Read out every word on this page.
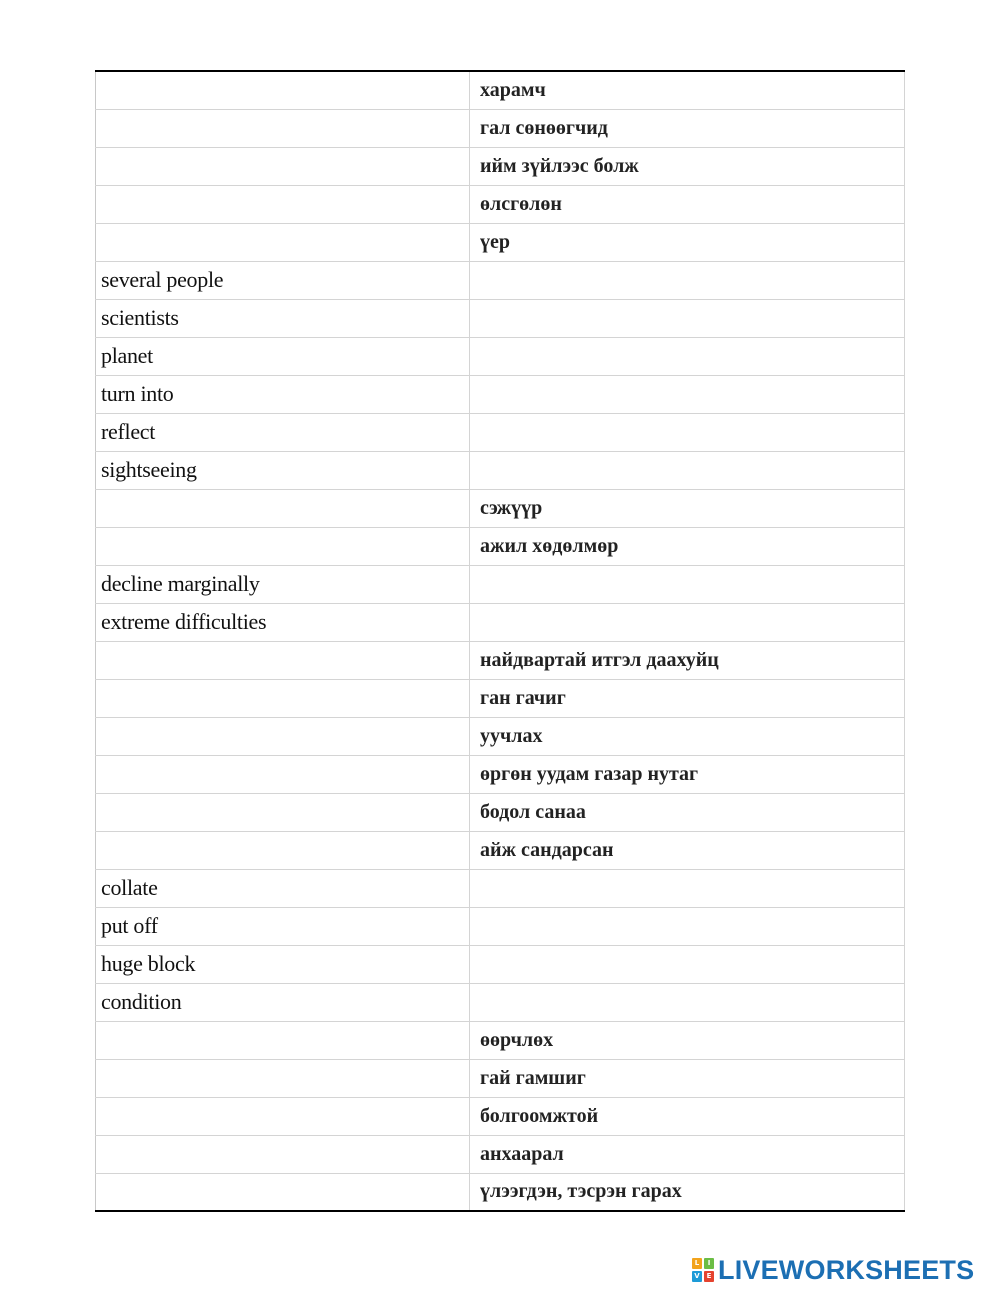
	харамч
	гал сөнөөгчид
	ийм зүйлээс болж
	өлсгөлөн
	үер
several people	
scientists	
planet	
turn into	
reflect	
sightseeing	
	сэжүүр
	ажил хөдөлмөр
decline marginally	
extreme difficulties	
	найдвартай итгэл даахуйц
	ган гачиг
	уучлах
	өргөн уудам газар нутаг
	бодол санаа
	айж сандарсан
collate	
put off	
huge block	
condition	
	өөрчлөх
	гай гамшиг
	болгоомжтой
	анхаарал
	үлээгдэн, тэсрэн гарах
L	I
V E LIVEWORKSHEETS
